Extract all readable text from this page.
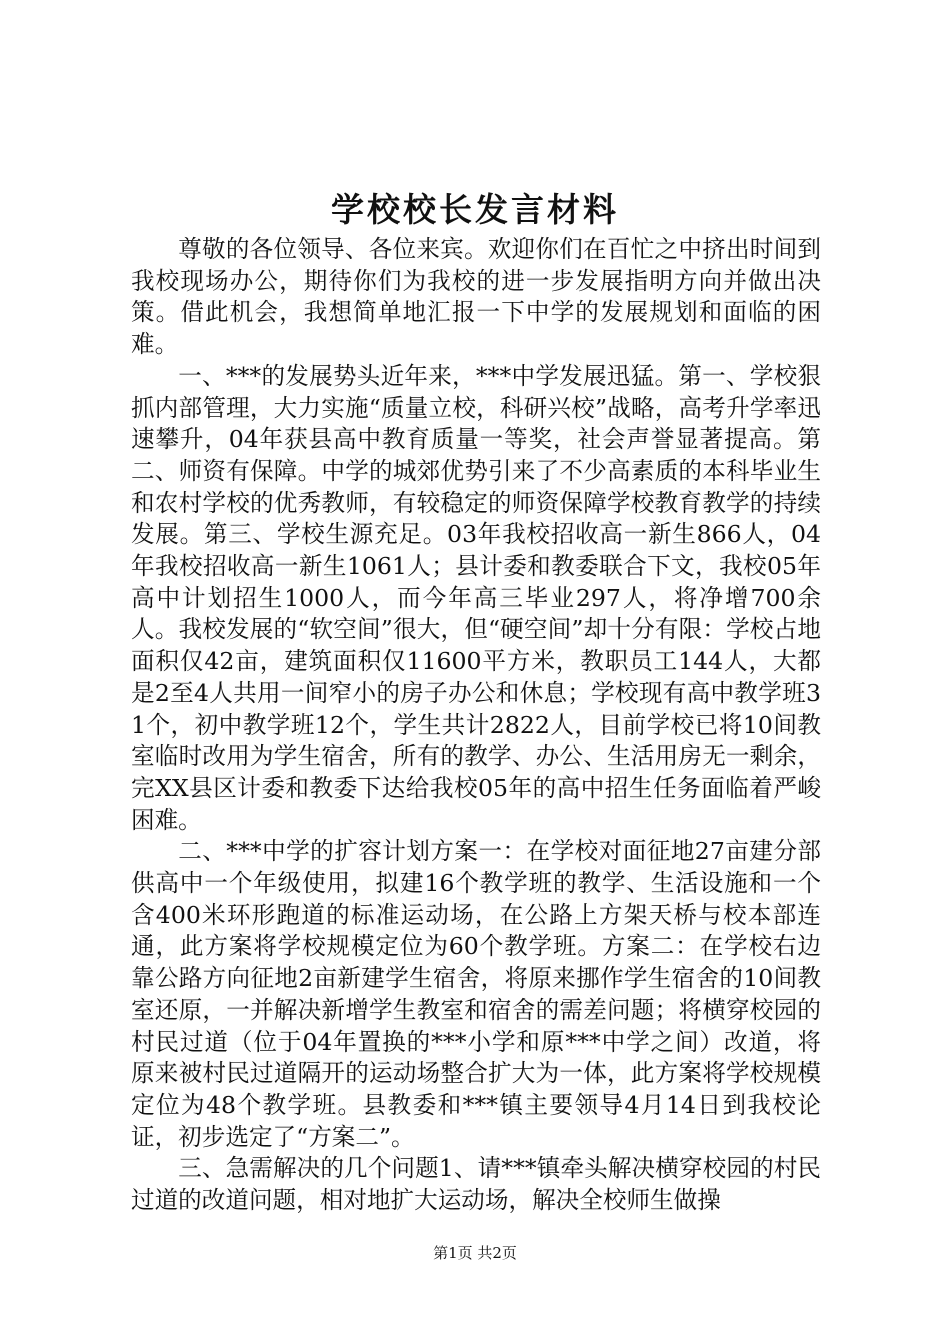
学校校长发言材料

尊敬的各位领导、各位来宾。欢迎你们在百忙之中挤出时间到我校现场办公，期待你们为我校的进一步发展指明方向并做出决策。借此机会，我想简单地汇报一下中学的发展规划和面临的困难。

一、***的发展势头近年来，***中学发展迅猛。第一、学校狠抓内部管理，大力实施“质量立校，科研兴校”战略，高考升学率迅速攀升，04年获县高中教育质量一等奖，社会声誉显著提高。第二、师资有保障。中学的城郊优势引来了不少高素质的本科毕业生和农村学校的优秀教师，有较稳定的师资保障学校教育教学的持续发展。第三、学校生源充足。03年我校招收高一新生866人，04年我校招收高一新生1061人；县计委和教委联合下文，我校05年高中计划招生1000人，而今年高三毕业297人，将净增700余人。我校发展的“软空间”很大，但“硬空间”却十分有限：学校占地面积仅42亩，建筑面积仅11600平方米，教职员工144人，大都是2至4人共用一间窄小的房子办公和休息；学校现有高中教学班31个，初中教学班12个，学生共计2822人，目前学校已将10间教室临时改用为学生宿舍，所有的教学、办公、生活用房无一剩余，完XX县区计委和教委下达给我校05年的高中招生任务面临着严峻困难。

二、***中学的扩容计划方案一：在学校对面征地27亩建分部供高中一个年级使用，拟建16个教学班的教学、生活设施和一个含400米环形跑道的标准运动场，在公路上方架天桥与校本部连通，此方案将学校规模定位为60个教学班。方案二：在学校右边靠公路方向征地2亩新建学生宿舍，将原来挪作学生宿舍的10间教室还原，一并解决新增学生教室和宿舍的需差问题；将横穿校园的村民过道（位于04年置换的***小学和原***中学之间）改道，将原来被村民过道隔开的运动场整合扩大为一体，此方案将学校规模定位为48个教学班。县教委和***镇主要领导4月14日到我校论证，初步选定了“方案二”。

三、急需解决的几个问题1、请***镇牵头解决横穿校园的村民过道的改道问题，相对地扩大运动场，解决全校师生做操

第1页 共2页
